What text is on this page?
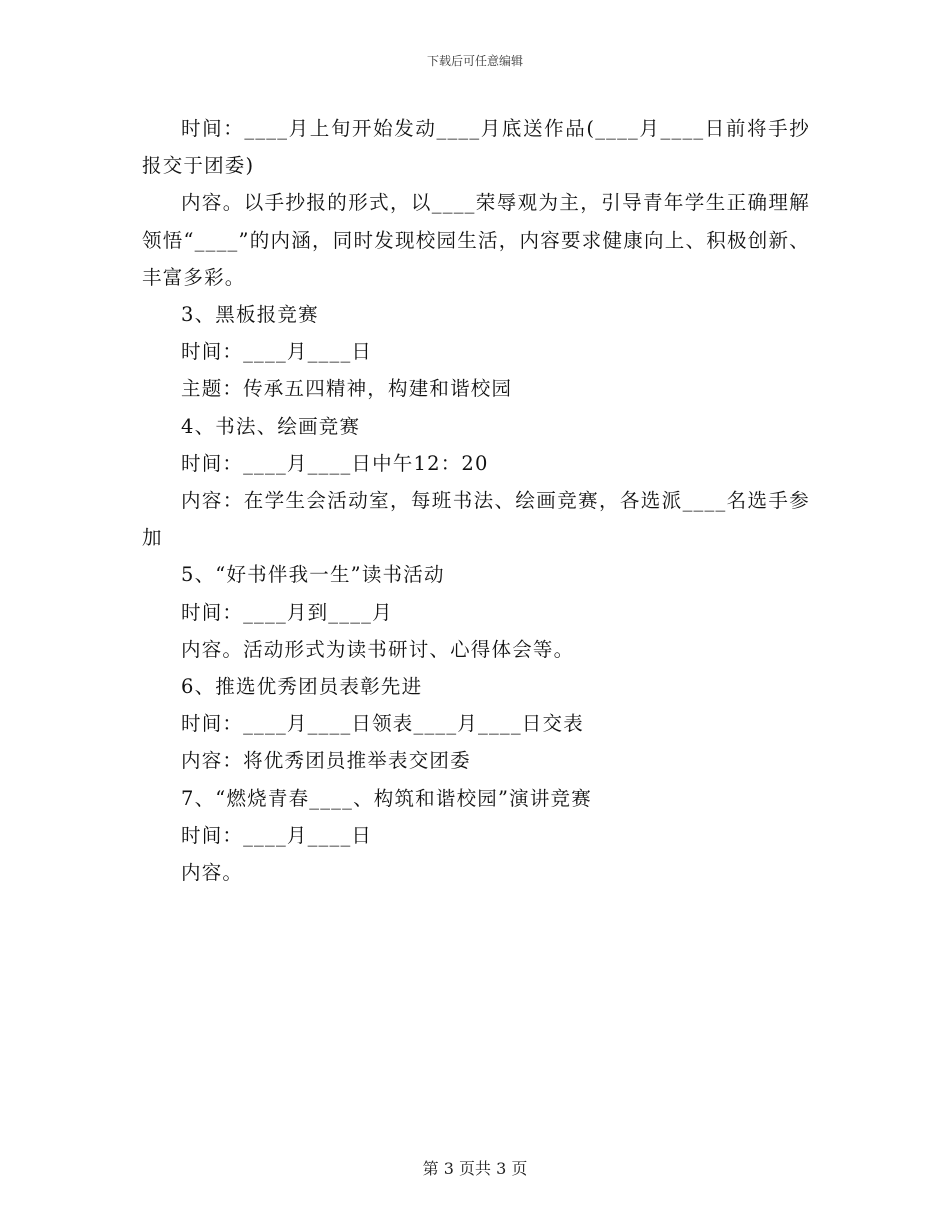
下载后可任意编辑

时间：____月上旬开始发动____月底送作品(____月____日前将手抄报交于团委)

内容。以手抄报的形式，以____荣辱观为主，引导青年学生正确理解领悟“____”的内涵，同时发现校园生活，内容要求健康向上、积极创新、丰富多彩。

3、黑板报竞赛

时间：____月____日

主题：传承五四精神，构建和谐校园

4、书法、绘画竞赛

时间：____月____日中午12：20

内容：在学生会活动室，每班书法、绘画竞赛，各选派____名选手参加

5、“好书伴我一生”读书活动

时间：____月到____月

内容。活动形式为读书研讨、心得体会等。

6、推选优秀团员表彰先进

时间：____月____日领表____月____日交表

内容：将优秀团员推举表交团委

7、“燃烧青春____、构筑和谐校园”演讲竞赛

时间：____月____日

内容。

第 3 页共 3 页
